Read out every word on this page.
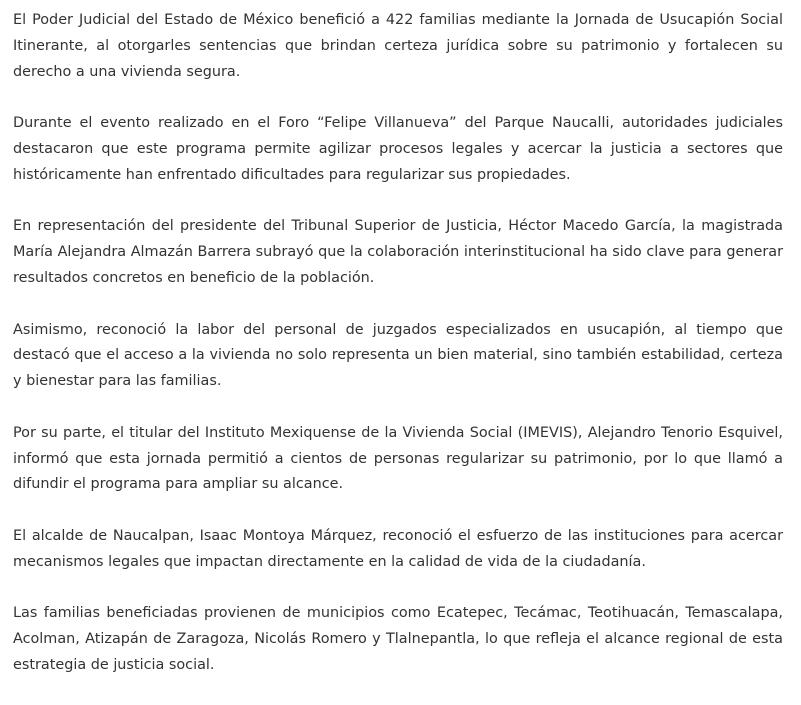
El Poder Judicial del Estado de México benefició a 422 familias mediante la Jornada de Usucapión Social Itinerante, al otorgarles sentencias que brindan certeza jurídica sobre su patrimonio y fortalecen su derecho a una vivienda segura.

Durante el evento realizado en el Foro “Felipe Villanueva” del Parque Naucalli, autoridades judiciales destacaron que este programa permite agilizar procesos legales y acercar la justicia a sectores que históricamente han enfrentado dificultades para regularizar sus propiedades.

En representación del presidente del Tribunal Superior de Justicia, Héctor Macedo García, la magistrada María Alejandra Almazán Barrera subrayó que la colaboración interinstitucional ha sido clave para generar resultados concretos en beneficio de la población.

Asimismo, reconoció la labor del personal de juzgados especializados en usucapión, al tiempo que destacó que el acceso a la vivienda no solo representa un bien material, sino también estabilidad, certeza y bienestar para las familias.

Por su parte, el titular del Instituto Mexiquense de la Vivienda Social (IMEVIS), Alejandro Tenorio Esquivel, informó que esta jornada permitió a cientos de personas regularizar su patrimonio, por lo que llamó a difundir el programa para ampliar su alcance.

El alcalde de Naucalpan, Isaac Montoya Márquez, reconoció el esfuerzo de las instituciones para acercar mecanismos legales que impactan directamente en la calidad de vida de la ciudadanía.

Las familias beneficiadas provienen de municipios como Ecatepec, Tecámac, Teotihuacán, Temascalapa, Acolman, Atizapán de Zaragoza, Nicolás Romero y Tlalnepantla, lo que refleja el alcance regional de esta estrategia de justicia social.
